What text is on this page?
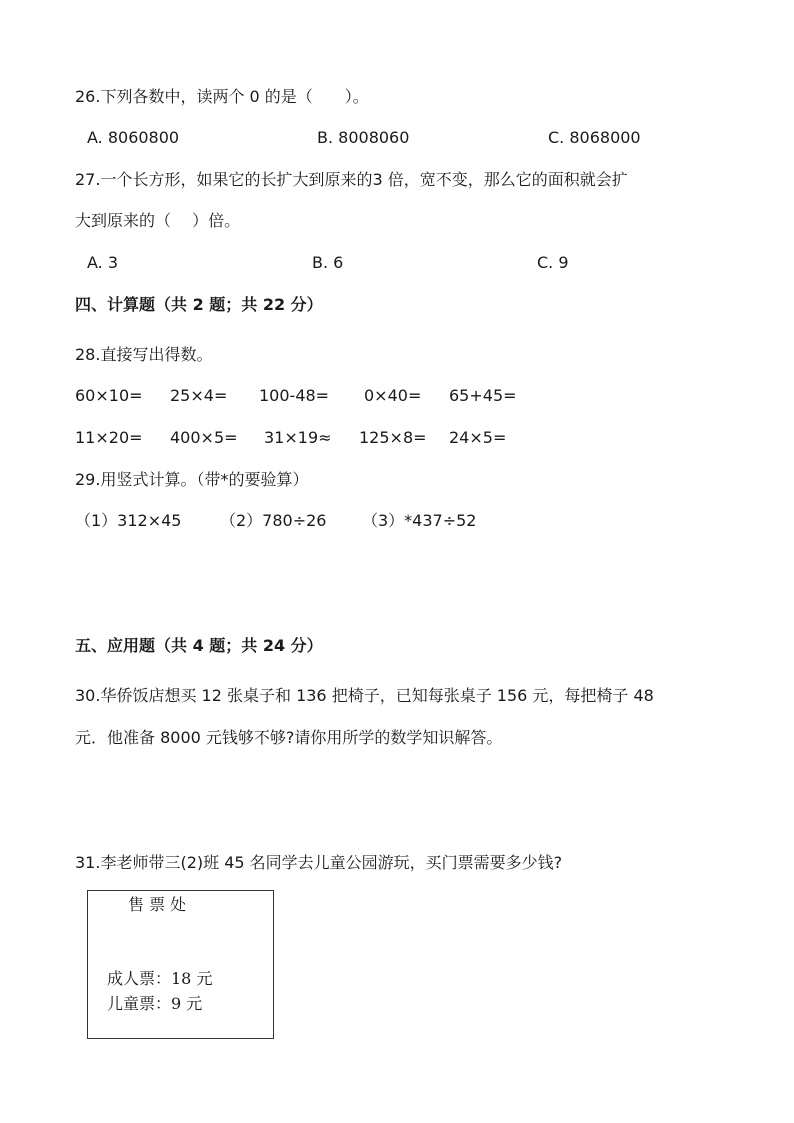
26.下列各数中，读两个 0 的是（　　）。
A. 8060800	B. 8008060	C. 8068000
27.一个长方形，如果它的长扩大到原来的3 倍，宽不变，那么它的面积就会扩
大到原来的（　 ）倍。
A. 3	B. 6	C. 9
四、计算题（共 2 题；共 22 分）
28.直接写出得数。
60×10= 25×4= 100-48= 0×40= 65+45=
11×20= 400×5= 31×19≈ 125×8= 24×5=
29.用竖式计算。（带*的要验算）
（1）312×45 （2）780÷26 （3）*437÷52
五、应用题（共 4 题；共 24 分）
30.华侨饭店想买 12 张桌子和 136 把椅子，已知每张桌子 156 元，每把椅子 48
元．他准备 8000 元钱够不够?请你用所学的数学知识解答。
31.李老师带三(2)班 45 名同学去儿童公园游玩，买门票需要多少钱?
售 票 处
成人票：18 元
儿童票：9 元
